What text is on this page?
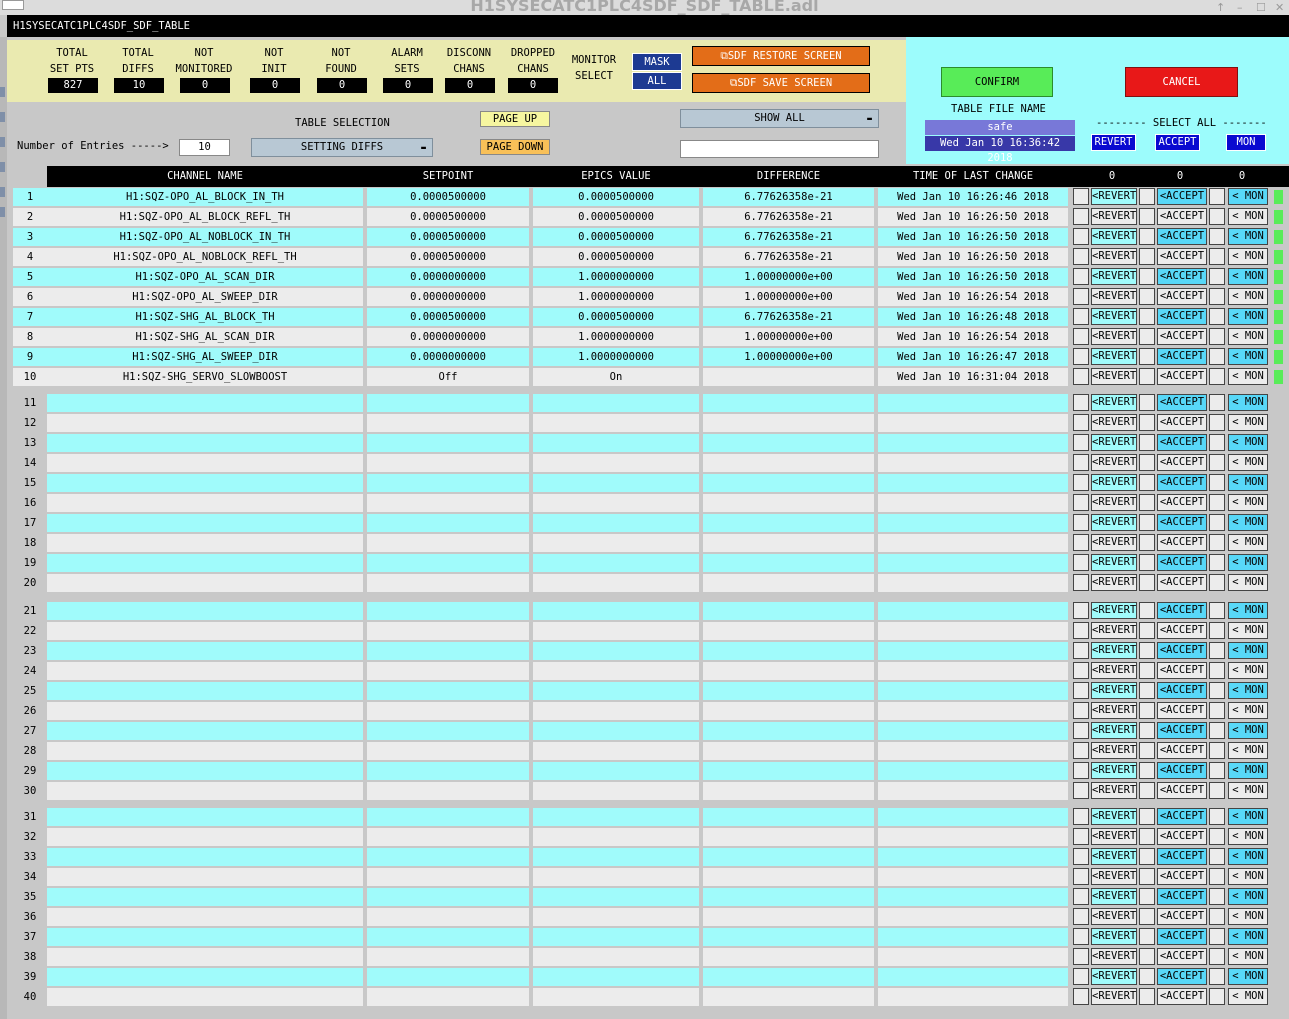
H1SYSECATC1PLC4SDF_SDF_TABLE.adl	↑ – ☐ ✕
H1SYSECATC1PLC4SDF_SDF_TABLE
TOTAL
SET PTS
827
TOTAL
DIFFS
10
NOT
MONITORED
0
NOT
INIT
0
NOT
FOUND
0
ALARM
SETS
0
DISCONN
CHANS
0
DROPPED
CHANS
0
MONITOR
SELECT
MASK
ALL
⧉SDF RESTORE SCREEN
⧉SDF SAVE SCREEN
Number of Entries ----->	10
TABLE SELECTION
SETTING DIFFS	▬
PAGE UP
PAGE DOWN
SHOW ALL	▬
CONFIRM	CANCEL
TABLE FILE NAME
safe
Wed Jan 10 16:36:42 2018
-------- SELECT ALL -------
REVERT	ACCEPT	MON
CHANNEL NAME	SETPOINT	EPICS VALUE	DIFFERENCE	TIME OF LAST CHANGE	0	0	0
1	H1:SQZ-OPO_AL_BLOCK_IN_TH	0.0000500000	0.0000500000	6.77626358e-21	Wed Jan 10 16:26:46 2018	<REVERT <ACCEPT	< MON
2	H1:SQZ-OPO_AL_BLOCK_REFL_TH	0.0000500000	0.0000500000	6.77626358e-21	Wed Jan 10 16:26:50 2018	<REVERT <ACCEPT	< MON
3	H1:SQZ-OPO_AL_NOBLOCK_IN_TH	0.0000500000	0.0000500000	6.77626358e-21	Wed Jan 10 16:26:50 2018	<REVERT <ACCEPT	< MON
4	H1:SQZ-OPO_AL_NOBLOCK_REFL_TH	0.0000500000	0.0000500000	6.77626358e-21	Wed Jan 10 16:26:50 2018	<REVERT <ACCEPT	< MON
5	H1:SQZ-OPO_AL_SCAN_DIR	0.0000000000	1.0000000000	1.00000000e+00	Wed Jan 10 16:26:50 2018	<REVERT <ACCEPT	< MON
6	H1:SQZ-OPO_AL_SWEEP_DIR	0.0000000000	1.0000000000	1.00000000e+00	Wed Jan 10 16:26:54 2018	<REVERT <ACCEPT	< MON
7	H1:SQZ-SHG_AL_BLOCK_TH	0.0000500000	0.0000500000	6.77626358e-21	Wed Jan 10 16:26:48 2018	<REVERT <ACCEPT	< MON
8	H1:SQZ-SHG_AL_SCAN_DIR	0.0000000000	1.0000000000	1.00000000e+00	Wed Jan 10 16:26:54 2018	<REVERT <ACCEPT	< MON
9	H1:SQZ-SHG_AL_SWEEP_DIR	0.0000000000	1.0000000000	1.00000000e+00	Wed Jan 10 16:26:47 2018	<REVERT <ACCEPT	< MON
10	H1:SQZ-SHG_SERVO_SLOWBOOST	Off	On	Wed Jan 10 16:31:04 2018	<REVERT <ACCEPT	< MON
11	<REVERT <ACCEPT	< MON
12	<REVERT <ACCEPT	< MON
13	<REVERT <ACCEPT	< MON
14	<REVERT <ACCEPT	< MON
15	<REVERT <ACCEPT	< MON
16	<REVERT <ACCEPT	< MON
17	<REVERT <ACCEPT	< MON
18	<REVERT <ACCEPT	< MON
19	<REVERT <ACCEPT	< MON
20	<REVERT <ACCEPT	< MON
21	<REVERT <ACCEPT	< MON
22	<REVERT <ACCEPT	< MON
23	<REVERT <ACCEPT	< MON
24	<REVERT <ACCEPT	< MON
25	<REVERT <ACCEPT	< MON
26	<REVERT <ACCEPT	< MON
27	<REVERT <ACCEPT	< MON
28	<REVERT <ACCEPT	< MON
29	<REVERT <ACCEPT	< MON
30	<REVERT <ACCEPT	< MON
31	<REVERT <ACCEPT	< MON
32	<REVERT <ACCEPT	< MON
33	<REVERT <ACCEPT	< MON
34	<REVERT <ACCEPT	< MON
35	<REVERT <ACCEPT	< MON
36	<REVERT <ACCEPT	< MON
37	<REVERT <ACCEPT	< MON
38	<REVERT <ACCEPT	< MON
39	<REVERT <ACCEPT	< MON
40	<REVERT <ACCEPT	< MON
